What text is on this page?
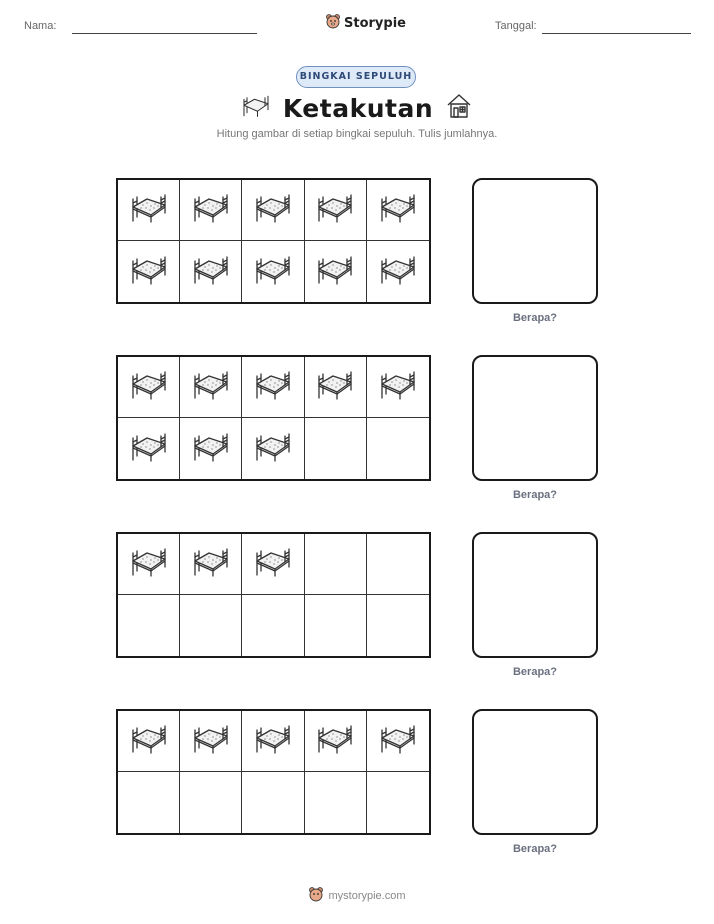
Nama:	Storypie	Tanggal:
BINGKAI SEPULUH
Ketakutan
Hitung gambar di setiap bingkai sepuluh. Tulis jumlahnya.
Berapa?
Berapa?
Berapa?
Berapa?
mystorypie.com
